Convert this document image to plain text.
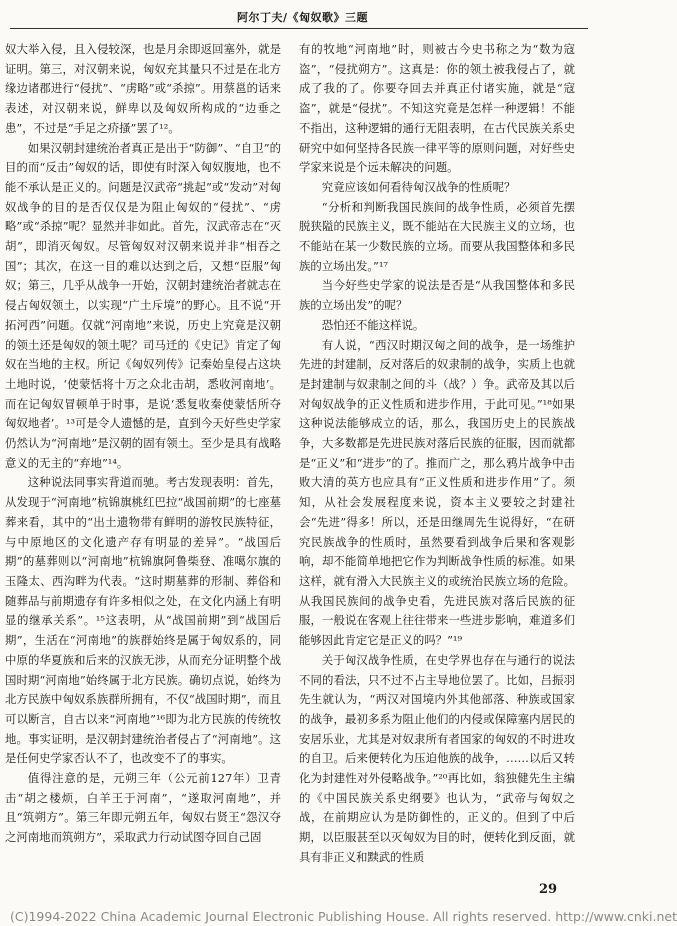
阿尔丁夫/《匈奴歌》三题

奴大举入侵，且入侵较深，也是月余即返回塞外，就是证明。第三，对汉朝来说，匈奴充其量只不过是在北方缘边诸郡进行“侵扰”、“虏略”或“杀掠”。用蔡邕的话来表述，对汉朝来说，鲜卑以及匈奴所构成的“边垂之患”，不过是“手足之疥搔”罢了¹²。

如果汉朝封建统治者真正是出于“防御”、“自卫”的目的而“反击”匈奴的话，即使有时深入匈奴腹地，也不能不承认是正义的。问题是汉武帝“挑起”或“发动”对匈奴战争的目的是否仅仅是为阻止匈奴的“侵扰”、“虏略”或“杀掠”呢？显然并非如此。首先，汉武帝志在“灭胡”，即消灭匈奴。尽管匈奴对汉朝来说并非“相吞之国”；其次，在这一目的难以达到之后，又想“臣服”匈奴；第三，几乎从战争一开始，汉朝封建统治者就志在侵占匈奴领土，以实现“广土斥境”的野心。且不说“开拓河西”问题。仅就“河南地”来说，历史上究竟是汉朝的领土还是匈奴的领土呢？司马迁的《史记》肯定了匈奴在当地的主权。所记《匈奴列传》记秦始皇侵占这块土地时说，‘使蒙恬将十万之众北击胡，悉收河南地’。而在记匈奴冒顿单于时事，是说‘悉复收秦使蒙恬所夺匈奴地者’。¹³可是令人遗憾的是，直到今天好些史学家仍然认为“河南地”是汉朝的固有领土。至少是具有战略意义的无主的“弃地”¹⁴。

这种说法同事实背道而驰。考古发现表明：首先，从发现于“河南地”杭锦旗桃红巴拉“战国前期”的七座墓葬来看，其中的“出土遗物带有鲜明的游牧民族特征，与中原地区的文化遗产存有明显的差异”。“战国后期”的墓葬则以“河南地”杭锦旗阿鲁柴登、准噶尔旗的玉隆太、西沟畔为代表。“这时期墓葬的形制、葬俗和随葬品与前期遗存有许多相似之处，在文化内涵上有明显的继承关系”。¹⁵这表明，从“战国前期”到“战国后期”，生活在“河南地”的族群始终是属于匈奴系的，同中原的华夏族和后来的汉族无涉，从而充分证明整个战国时期“河南地”始终属于北方民族。确切点说，始终为北方民族中匈奴系族群所拥有，不仅“战国时期”，而且可以断言，自古以来“河南地”¹⁶即为北方民族的传统牧地。事实证明，是汉朝封建统治者侵占了“河南地”。这是任何史学家否认不了，也改变不了的事实。

值得注意的是，元朔三年（公元前127年）卫青击“胡之楼烦，白羊王于河南”，“遂取河南地”，并且“筑朔方”。第三年即元朔五年，匈奴右贤王“怨汉夺之河南地而筑朔方”，采取武力行动试图夺回自己固

有的牧地“河南地”时，则被古今史书称之为“数为寇盗”，“侵扰朔方”。这真是：你的领土被我侵占了，就成了我的了。你要夺回去并真正付诸实施，就是“寇盗”，就是“侵扰”。不知这究竟是怎样一种逻辑！不能不指出，这种逻辑的通行无阻表明，在古代民族关系史研究中如何坚持各民族一律平等的原则问题，对好些史学家来说是个远未解决的问题。

究竟应该如何看待匈汉战争的性质呢？

“分析和判断我国民族间的战争性质，必须首先摆脱狭隘的民族主义，既不能站在大民族主义的立场，也不能站在某一少数民族的立场。而要从我国整体和多民族的立场出发。”¹⁷

当今好些史学家的说法是否是“从我国整体和多民族的立场出发”的呢？

恐怕还不能这样说。

有人说，“西汉时期汉匈之间的战争，是一场维护先进的封建制，反对落后的奴隶制的战争，实质上也就是封建制与奴隶制之间的斗（战？）争。武帝及其以后对匈奴战争的正义性质和进步作用，于此可见。”¹⁸如果这种说法能够成立的话，那么，我国历史上的民族战争，大多数都是先进民族对落后民族的征服，因而就都是“正义”和“进步”的了。推而广之，那么鸦片战争中击败大清的英方也应具有“正义性质和进步作用”了。须知，从社会发展程度来说，资本主义要较之封建社会“先进”得多！所以，还是田继周先生说得好，“在研究民族战争的性质时，虽然要看到战争后果和客观影响，却不能简单地把它作为判断战争性质的标准。如果这样，就有滑入大民族主义的或统治民族立场的危险。从我国民族间的战争史看，先进民族对落后民族的征服，一般说在客观上往往带来一些进步影响，难道多们能够因此肯定它是正义的吗？”¹⁹

关于匈汉战争性质，在史学界也存在与通行的说法不同的看法，只不过不占主导地位罢了。比如，吕振羽先生就认为，“两汉对国境内外其他部落、种族或国家的战争，最初多系为阻止他们的内侵或保障塞内居民的安居乐业，尤其是对奴隶所有者国家的匈奴的不时进攻的自卫。后来便转化为压迫他族的战争，……以后又转化为封建性对外侵略战争。”²⁰再比如，翁独健先生主编的《中国民族关系史纲要》也认为，“武帝与匈奴之战，在前期应认为是防御性的，正义的。但到了中后期，以臣服甚至以灭匈奴为目的时，便转化到反面，就具有非正义和黩武的性质

29
(C)1994-2022 China Academic Journal Electronic Publishing House. All rights reserved. http://www.cnki.net
